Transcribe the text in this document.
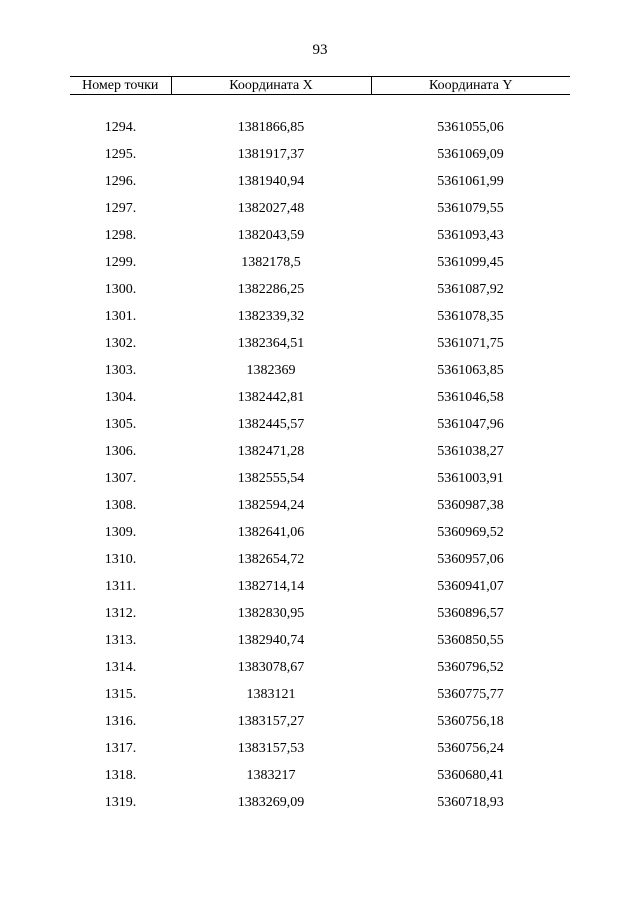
93
Номер точки	Координата X	Координата Y

1294.	1381866,85	5361055,06
1295.	1381917,37	5361069,09
1296.	1381940,94	5361061,99
1297.	1382027,48	5361079,55
1298.	1382043,59	5361093,43
1299.	1382178,5	5361099,45
1300.	1382286,25	5361087,92
1301.	1382339,32	5361078,35
1302.	1382364,51	5361071,75
1303.	1382369	5361063,85
1304.	1382442,81	5361046,58
1305.	1382445,57	5361047,96
1306.	1382471,28	5361038,27
1307.	1382555,54	5361003,91
1308.	1382594,24	5360987,38
1309.	1382641,06	5360969,52
1310.	1382654,72	5360957,06
1311.	1382714,14	5360941,07
1312.	1382830,95	5360896,57
1313.	1382940,74	5360850,55
1314.	1383078,67	5360796,52
1315.	1383121	5360775,77
1316.	1383157,27	5360756,18
1317.	1383157,53	5360756,24
1318.	1383217	5360680,41
1319.	1383269,09	5360718,93
